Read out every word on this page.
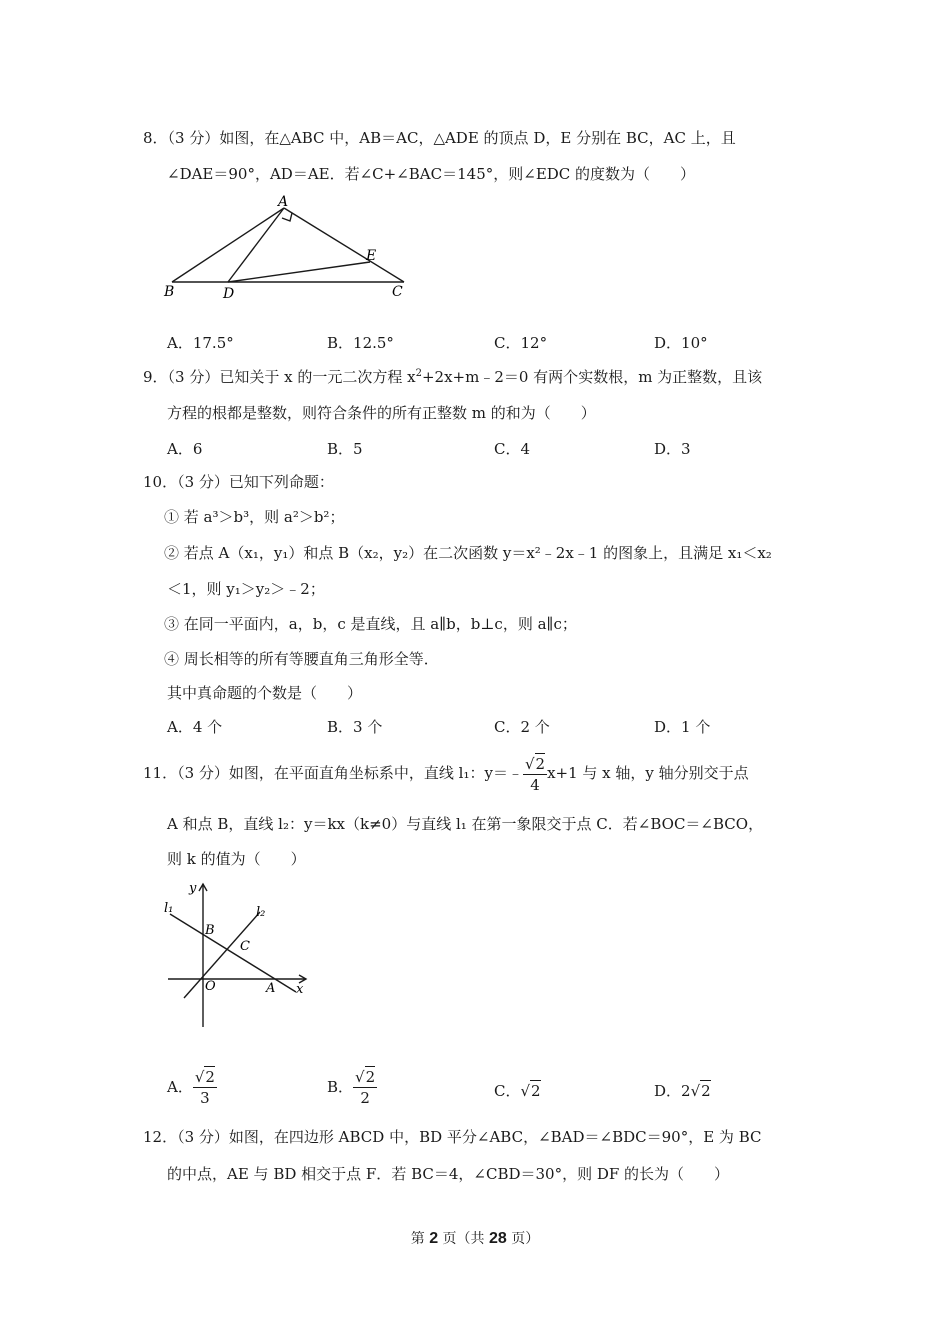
8．（3 分）如图，在△ABC 中，AB＝AC，△ADE 的顶点 D，E 分别在 BC，AC 上，且
∠DAE＝90°，AD＝AE．若∠C+∠BAC＝145°，则∠EDC 的度数为（　　）
A
B	D
E
C
A．17.5°	B．12.5°	C．12°	D．10°
9．（3 分）已知关于 x 的一元二次方程 $x^2+2x+m﹣2=0$ 有两个实数根，m 为正整数，且该
方程的根都是整数，则符合条件的所有正整数 m 的和为（　　）
A．6	B．5	C．4	D．3
10．（3 分）已知下列命题：
① 若 a³＞b³，则 a²＞b²；
② 若点 A（x₁，y₁）和点 B（x₂，y₂）在二次函数 y＝x²﹣2x﹣1 的图象上，且满足 x₁＜x₂
＜1，则 y₁＞y₂＞﹣2；
③ 在同一平面内，a，b，c 是直线，且 a∥b，b⊥c，则 a∥c；
④ 周长相等的所有等腰直角三角形全等．
其中真命题的个数是（　　）
A．4 个	B．3 个	C．2 个	D．1 个
11．（3 分）如图，在平面直角坐标系中，直线 l₁：y＝﹣ $\frac{√2}{4} x+1$ 与 x 轴，y 轴分别交于点
A 和点 B，直线 l₂：y＝kx（k≠0）与直线 l₁ 在第一象限交于点 C．若∠BOC＝∠BCO，
则 k 的值为（　　）
y
l₁	l₂
B
C
O	A x
A． $\frac{√2}{3}$	B． $\frac{√2}{2}$	C．√2	D．2√2
12．（3 分）如图，在四边形 ABCD 中，BD 平分∠ABC，∠BAD＝∠BDC＝90°，E 为 BC
的中点，AE 与 BD 相交于点 F．若 BC＝4，∠CBD＝30°，则 DF 的长为（　　）
第 2 页（共 28 页）
